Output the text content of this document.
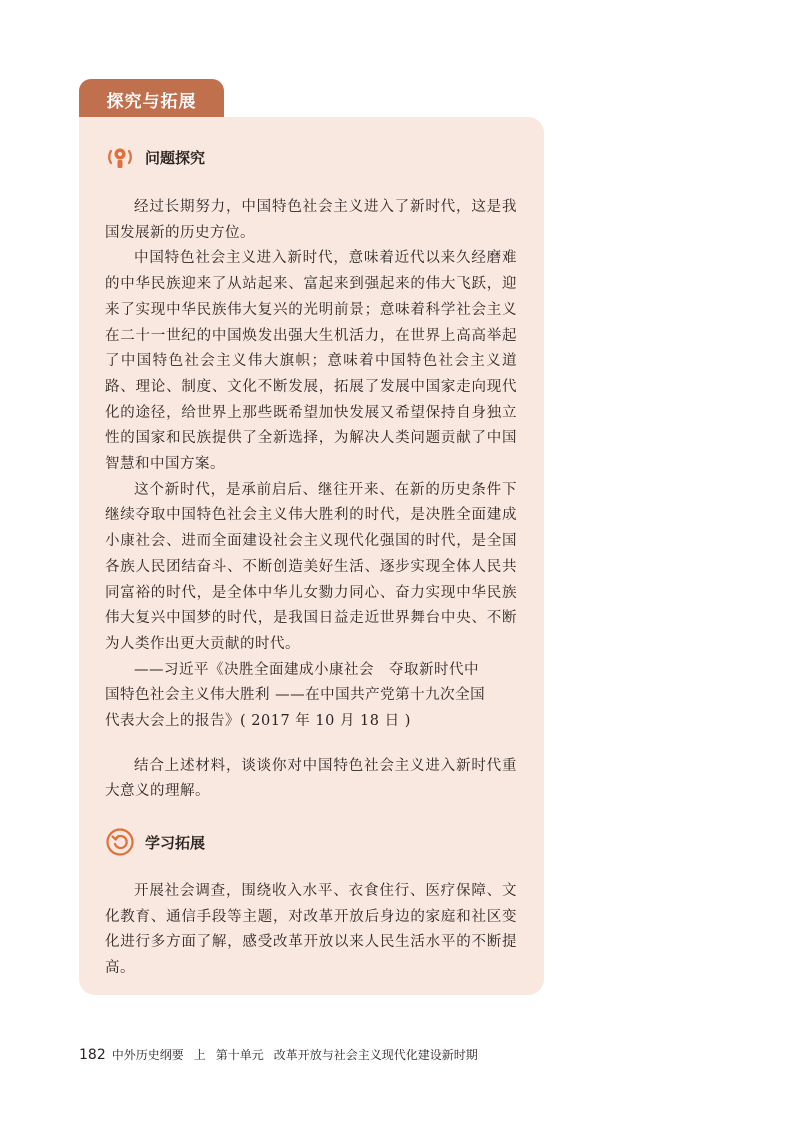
探究与拓展
问题探究

经过长期努力，中国特色社会主义进入了新时代，这是我国发展新的历史方位。

中国特色社会主义进入新时代，意味着近代以来久经磨难的中华民族迎来了从站起来、富起来到强起来的伟大飞跃，迎来了实现中华民族伟大复兴的光明前景；意味着科学社会主义在二十一世纪的中国焕发出强大生机活力，在世界上高高举起了中国特色社会主义伟大旗帜；意味着中国特色社会主义道路、理论、制度、文化不断发展，拓展了发展中国家走向现代化的途径，给世界上那些既希望加快发展又希望保持自身独立性的国家和民族提供了全新选择，为解决人类问题贡献了中国智慧和中国方案。

这个新时代，是承前启后、继往开来、在新的历史条件下继续夺取中国特色社会主义伟大胜利的时代，是决胜全面建成小康社会、进而全面建设社会主义现代化强国的时代，是全国各族人民团结奋斗、不断创造美好生活、逐步实现全体人民共同富裕的时代，是全体中华儿女勠力同心、奋力实现中华民族伟大复兴中国梦的时代，是我国日益走近世界舞台中央、不断为人类作出更大贡献的时代。

——习近平《决胜全面建成小康社会　夺取新时代中
国特色社会主义伟大胜利 ——在中国共产党第十九次全国
代表大会上的报告》( 2017 年 10 月 18 日 )

结合上述材料，谈谈你对中国特色社会主义进入新时代重大意义的理解。

学习拓展

开展社会调查，围绕收入水平、衣食住行、医疗保障、文化教育、通信手段等主题，对改革开放后身边的家庭和社区变化进行多方面了解，感受改革开放以来人民生活水平的不断提高。

182 中外历史纲要 上 第十单元 改革开放与社会主义现代化建设新时期
